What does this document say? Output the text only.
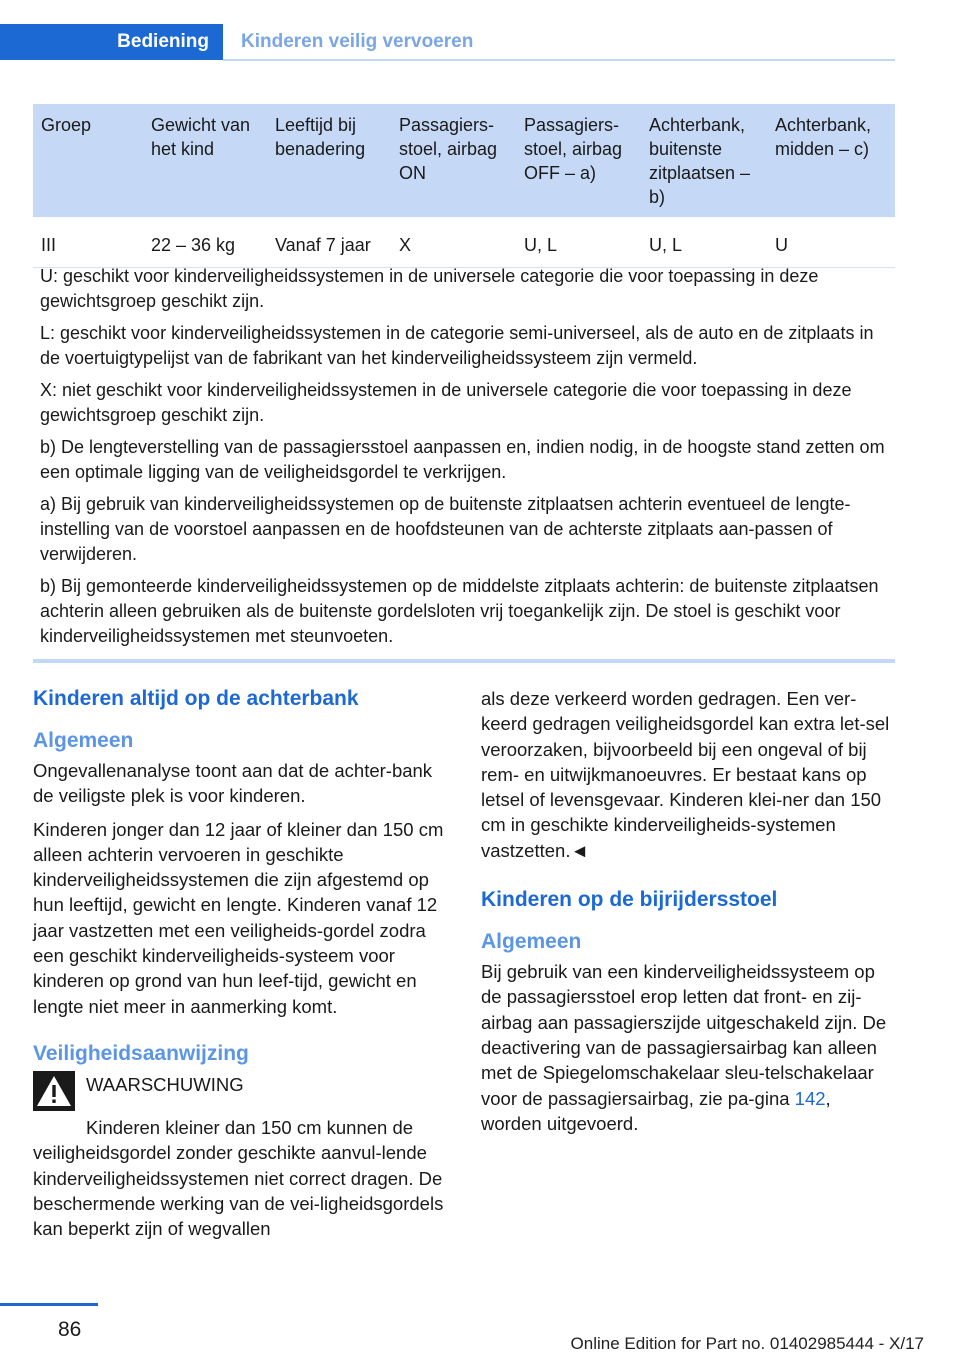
Bediening	Kinderen veilig vervoeren
Groep	Gewicht van het kind	Leeftijd bij benadering	Passagiers-stoel, airbag ON	Passagiers-stoel, airbag OFF – a)	Achterbank, buitenste zitplaatsen – b)	Achterbank, midden – c)
III	22 – 36 kg	Vanaf 7 jaar	X	U, L	U, L	U

U: geschikt voor kinderveiligheidssystemen in de universele categorie die voor toepassing in deze gewichtsgroep geschikt zijn.

L: geschikt voor kinderveiligheidssystemen in de categorie semi-universeel, als de auto en de zitplaats in de voertuigtypelijst van de fabrikant van het kinderveiligheidssysteem zijn vermeld.

X: niet geschikt voor kinderveiligheidssystemen in de universele categorie die voor toepassing in deze gewichtsgroep geschikt zijn.

b) De lengteverstelling van de passagiersstoel aanpassen en, indien nodig, in de hoogste stand zetten om een optimale ligging van de veiligheidsgordel te verkrijgen.

a) Bij gebruik van kinderveiligheidssystemen op de buitenste zitplaatsen achterin eventueel de lengte-instelling van de voorstoel aanpassen en de hoofdsteunen van de achterste zitplaats aan-passen of verwijderen.

b) Bij gemonteerde kinderveiligheidssystemen op de middelste zitplaats achterin: de buitenste zitplaatsen achterin alleen gebruiken als de buitenste gordelsloten vrij toegankelijk zijn. De stoel is geschikt voor kinderveiligheidssystemen met steunvoeten.

Kinderen altijd op de achterbank
Algemeen

Ongevallenanalyse toont aan dat de achter-bank de veiligste plek is voor kinderen.

Kinderen jonger dan 12 jaar of kleiner dan 150 cm alleen achterin vervoeren in geschikte kinderveiligheidssystemen die zijn afgestemd op hun leeftijd, gewicht en lengte. Kinderen vanaf 12 jaar vastzetten met een veiligheids-gordel zodra een geschikt kinderveiligheids-systeem voor kinderen op grond van hun leef-tijd, gewicht en lengte niet meer in aanmerking komt.

Veiligheidsaanwijzing
WAARSCHUWING

Kinderen kleiner dan 150 cm kunnen de veiligheidsgordel zonder geschikte aanvul-lende kinderveiligheidssystemen niet correct dragen. De beschermende werking van de vei-ligheidsgordels kan beperkt zijn of wegvallen

als deze verkeerd worden gedragen. Een ver-keerd gedragen veiligheidsgordel kan extra let-sel veroorzaken, bijvoorbeeld bij een ongeval of bij rem- en uitwijkmanoeuvres. Er bestaat kans op letsel of levensgevaar. Kinderen klei-ner dan 150 cm in geschikte kinderveiligheids-systemen vastzetten.◄

Kinderen op de bijrijdersstoel
Algemeen

Bij gebruik van een kinderveiligheidssysteem op de passagiersstoel erop letten dat front- en zij-airbag aan passagierszijde uitgeschakeld zijn. De deactivering van de passagiersairbag kan alleen met de Spiegelomschakelaar sleu-telschakelaar voor de passagiersairbag, zie pa-gina 142, worden uitgevoerd.

86
Online Edition for Part no. 01402985444 - X/17
